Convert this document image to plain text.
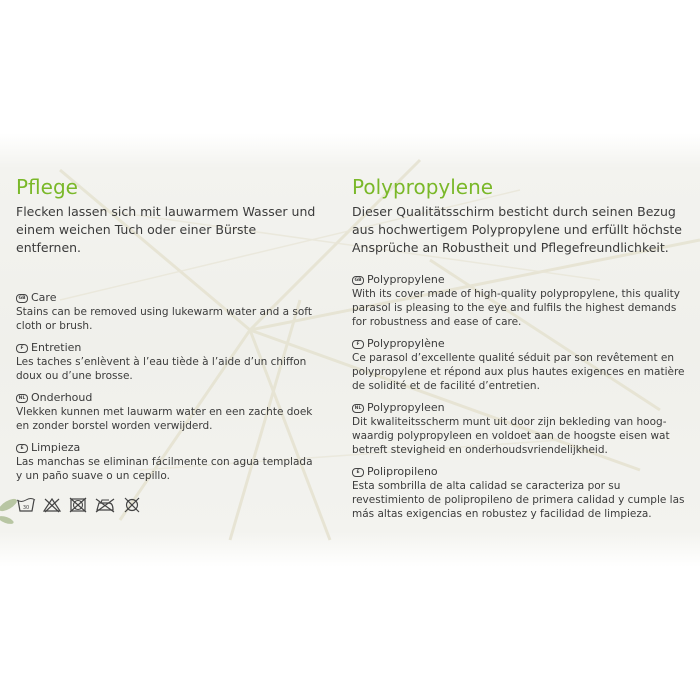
Pflege

Flecken lassen sich mit lauwarmem Wasser und einem weichen Tuch oder einer Bürste entfernen.

GB Care

Stains can be removed using lukewarm water and a soft cloth or brush.

F Entretien

Les taches s’enlèvent à l’eau tiède à l’aide d’un chiffon doux ou d’une brosse.

NL Onderhoud

Vlekken kunnen met lauwarm water en een zachte doek en zonder borstel worden verwijderd.

E Limpieza

Las manchas se eliminan fácilmente con agua templada y un paño suave o un cepillo.

30
Polypropylene

Dieser Qualitätsschirm besticht durch seinen Bezug aus hochwertigem Polypropylene und erfüllt höchste Ansprüche an Robustheit und Pflegefreundlichkeit.

GB Polypropylene

With its cover made of high-quality polypropylene, this quality parasol is pleasing to the eye and fulfils the highest demands for robustness and ease of care.

F Polypropylène

Ce parasol d’excellente qualité séduit par son revêtement en polypropylene et répond aux plus hautes exigences en matière de solidité et de facilité d’entretien.

NL Polypropyleen

Dit kwaliteitsscherm munt uit door zijn bekleding van hoog-waardig polypropyleen en voldoet aan de hoogste eisen wat betreft stevigheid en onderhoudsvriendelijkheid.

E Polipropileno

Esta sombrilla de alta calidad se caracteriza por su revestimiento de polipropileno de primera calidad y cumple las más altas exigencias en robustez y facilidad de limpieza.
